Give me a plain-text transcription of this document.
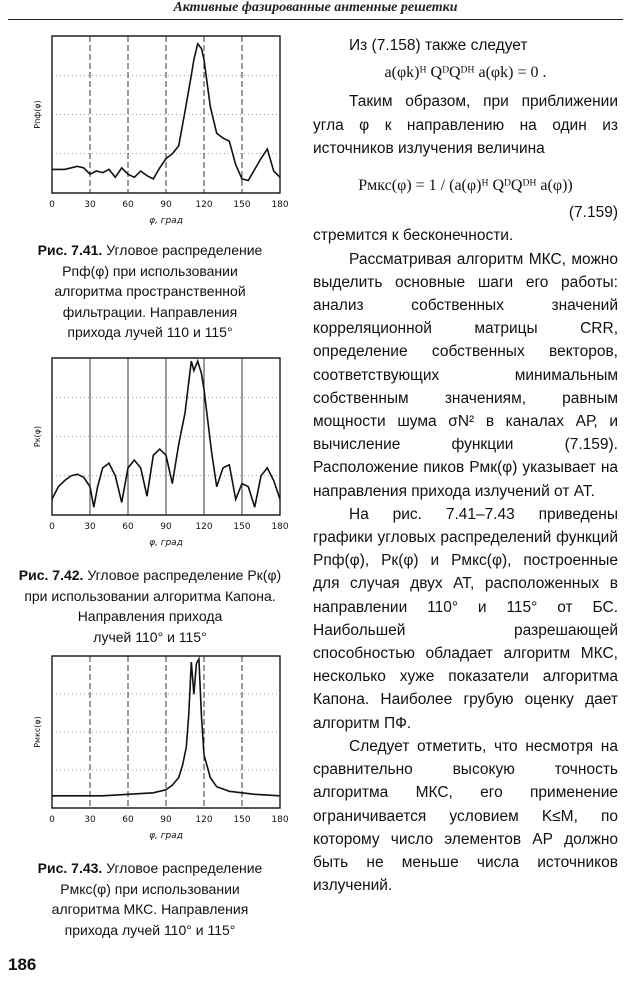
Активные фазированные антенные решетки
0	30	60	90	120 150 180
φ, град
Pпф(φ)
Рис. 7.41. Угловое распределение
Pпф(φ) при использовании
алгоритма пространственной
фильтрации. Направления
прихода лучей 110 и 115°
0	30	60	90	120 150 180
φ, град
Pк(φ)
Рис. 7.42. Угловое распределение Pк(φ)
при использовании алгоритма Капона.
Направления прихода
лучей 110° и 115°
0	30	60	90	120 150 180
φ, град
Pмкс(φ)
Рис. 7.43. Угловое распределение
Pмкс(φ) при использовании
алгоритма МКС. Направления
прихода лучей 110° и 115°

Из (7.158) также следует

a(φk)ᴴ QᴰQᴰᴴ a(φk) = 0 .

Таким образом, при приближении угла φ к направлению на один из источников излучения величина

Pмкс(φ) = 1 / (a(φ)ᴴ QᴰQᴰᴴ a(φ))

(7.159)

стремится к бесконечности.

Рассматривая алгоритм МКС, можно выделить основные шаги его работы: анализ собственных значений корреляционной матрицы CRR, определение собственных векторов, соответствующих минимальным собственным значениям, равным мощности шума σN² в каналах АР, и вычисление функции (7.159). Расположение пиков Pмк(φ) указывает на направления прихода излучений от АТ.

На рис. 7.41–7.43 приведены графики угловых распределений функций Pпф(φ), Pк(φ) и Pмкс(φ), построенные для случая двух АТ, расположенных в направлении 110° и 115° от БС. Наибольшей разрешающей способностью обладает алгоритм МКС, несколько хуже показатели алгоритма Капона. Наиболее грубую оценку дает алгоритм ПФ.

Следует отметить, что несмотря на сравнительно высокую точность алгоритма МКС, его применение ограничивается условием K≤M, по которому число элементов АР должно быть не меньше числа источников излучений.

186
